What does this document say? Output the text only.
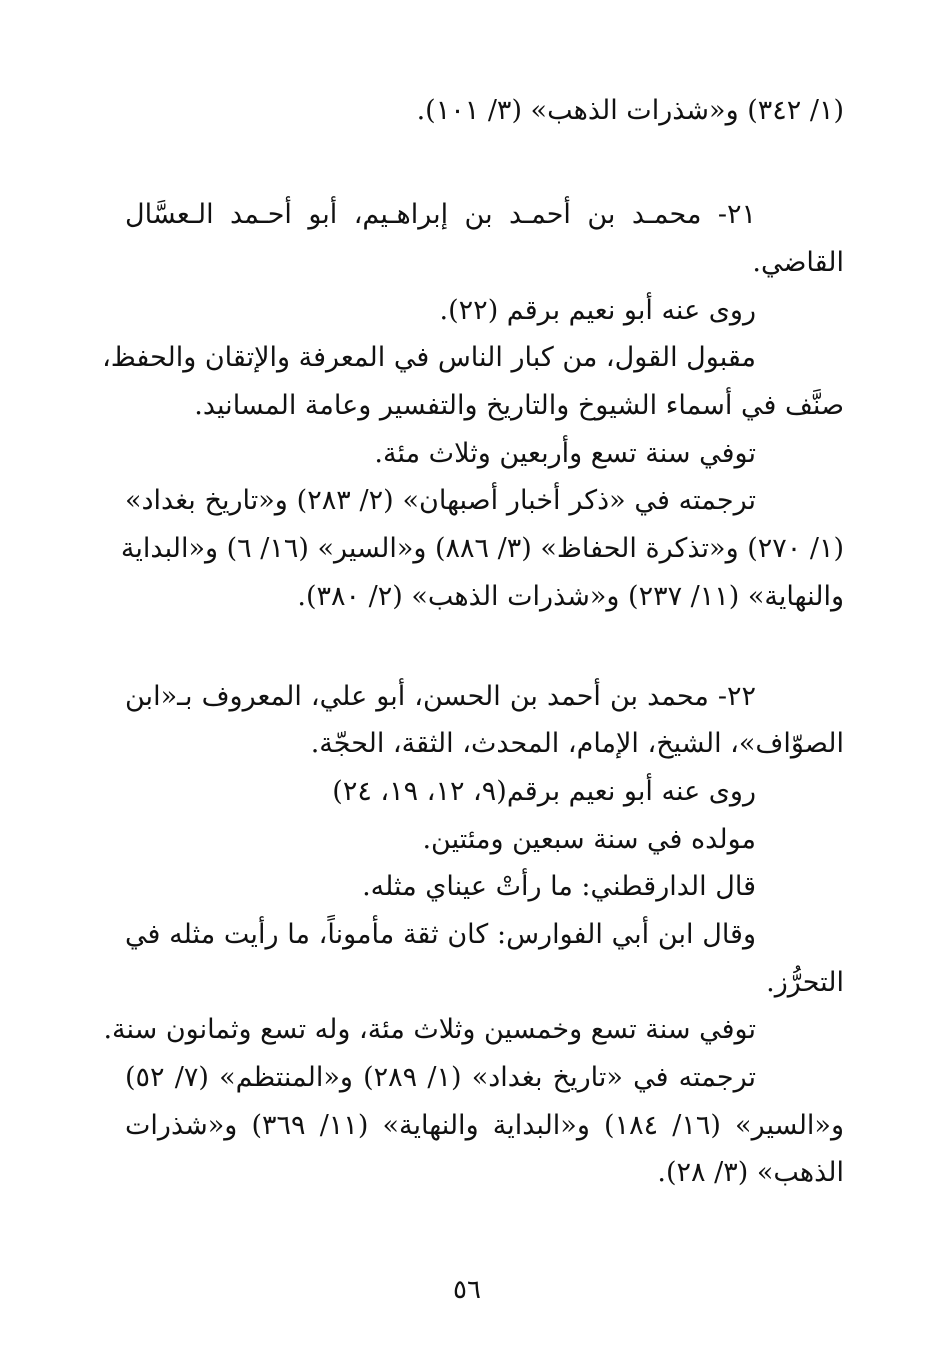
(١/ ٣٤٢) و«شذرات الذهب» (٣/ ١٠١).
٢١- محمـد بن أحمـد بن إبراهـيم، أبو أحـمد الـعسَّال
القاضي.
روى عنه أبو نعيم برقم (٢٢).
مقبول القول، من كبار الناس في المعرفة والإتقان والحفظ،
صنَّف في أسماء الشيوخ والتاريخ والتفسير وعامة المسانيد.
توفي سنة تسع وأربعين وثلاث مئة.
ترجمته في «ذكر أخبار أصبهان» (٢/ ٢٨٣) و«تاريخ بغداد»
(١/ ٢٧٠) و«تذكرة الحفاظ» (٣/ ٨٨٦) و«السير» (١٦/ ٦) و«البداية
والنهاية» (١١/ ٢٣٧) و«شذرات الذهب» (٢/ ٣٨٠).
٢٢- محمد بن أحمد بن الحسن، أبو علي، المعروف بـ«ابن
الصوّاف»، الشيخ، الإمام، المحدث، الثقة، الحجّة.
روى عنه أبو نعيم برقم(٩، ١٢، ١٩، ٢٤)
مولده في سنة سبعين ومئتين.
قال الدارقطني: ما رأتْ عيناي مثله.
وقال ابن أبي الفوارس: كان ثقة مأموناً، ما رأيت مثله في
التحرُّز.
توفي سنة تسع وخمسين وثلاث مئة، وله تسع وثمانون سنة.
ترجمته في «تاريخ بغداد» (١/ ٢٨٩) و«المنتظم» (٧/ ٥٢)
و«السير» (١٦/ ١٨٤) و«البداية والنهاية» (١١/ ٣٦٩) و«شذرات
الذهب» (٣/ ٢٨).
٥٦
